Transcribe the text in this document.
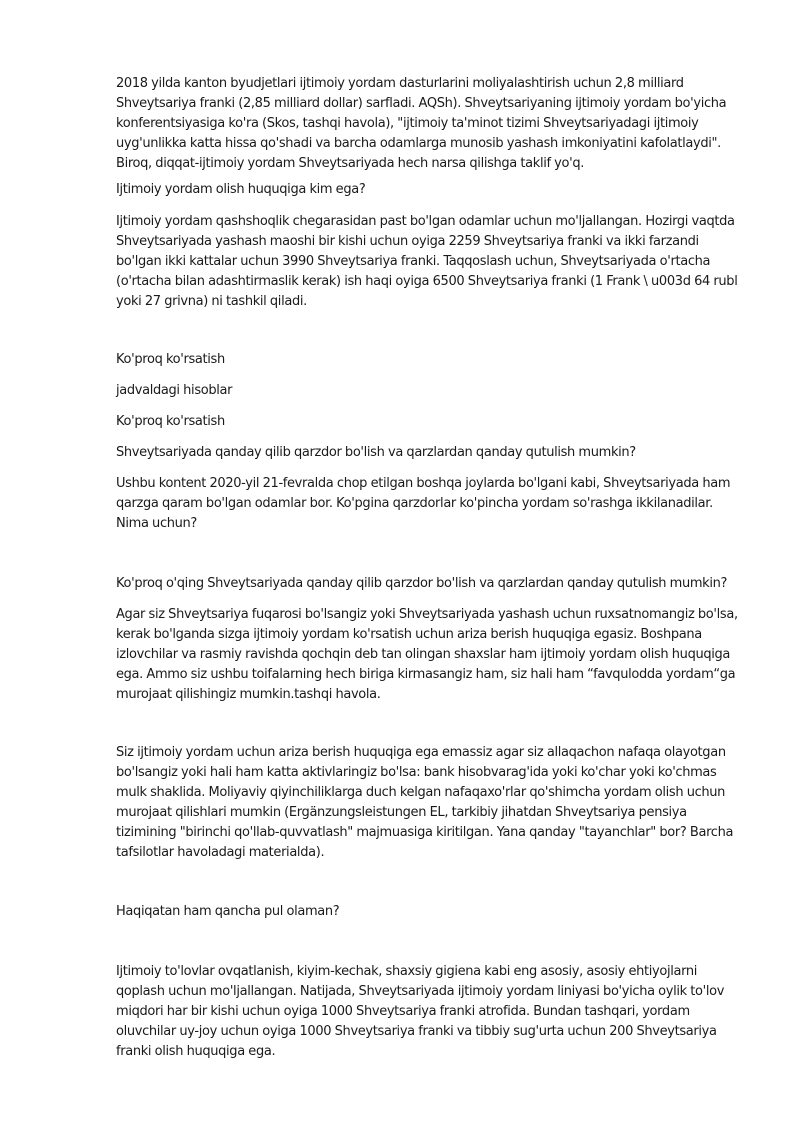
2018 yilda kanton byudjetlari ijtimoiy yordam dasturlarini moliyalashtirish uchun 2,8 milliard Shveytsariya franki (2,85 milliard dollar) sarfladi. AQSh). Shveytsariyaning ijtimoiy yordam bo'yicha konferentsiyasiga ko'ra (Skos, tashqi havola), "ijtimoiy ta'minot tizimi Shveytsariyadagi ijtimoiy uyg'unlikka katta hissa qo'shadi va barcha odamlarga munosib yashash imkoniyatini kafolatlaydi". Biroq, diqqat-ijtimoiy yordam Shveytsariyada hech narsa qilishga taklif yo'q.

Ijtimoiy yordam olish huquqiga kim ega?

Ijtimoiy yordam qashshoqlik chegarasidan past bo'lgan odamlar uchun mo'ljallangan. Hozirgi vaqtda Shveytsariyada yashash maoshi bir kishi uchun oyiga 2259 Shveytsariya franki va ikki farzandi bo'lgan ikki kattalar uchun 3990 Shveytsariya franki. Taqqoslash uchun, Shveytsariyada o'rtacha (o'rtacha bilan adashtirmaslik kerak) ish haqi oyiga 6500 Shveytsariya franki (1 Frank \ u003d 64 rubl yoki 27 grivna) ni tashkil qiladi.

Ko'proq ko'rsatish

jadvaldagi hisoblar

Ko'proq ko'rsatish

Shveytsariyada qanday qilib qarzdor bo'lish va qarzlardan qanday qutulish mumkin?

Ushbu kontent 2020-yil 21-fevralda chop etilgan boshqa joylarda bo'lgani kabi, Shveytsariyada ham qarzga qaram bo'lgan odamlar bor. Ko'pgina qarzdorlar ko'pincha yordam so'rashga ikkilanadilar. Nima uchun?

Ko'proq o'qing Shveytsariyada qanday qilib qarzdor bo'lish va qarzlardan qanday qutulish mumkin?

Agar siz Shveytsariya fuqarosi bo'lsangiz yoki Shveytsariyada yashash uchun ruxsatnomangiz bo'lsa, kerak bo'lganda sizga ijtimoiy yordam ko'rsatish uchun ariza berish huquqiga egasiz. Boshpana izlovchilar va rasmiy ravishda qochqin deb tan olingan shaxslar ham ijtimoiy yordam olish huquqiga ega. Ammo siz ushbu toifalarning hech biriga kirmasangiz ham, siz hali ham “favqulodda yordam“ga murojaat qilishingiz mumkin.tashqi havola.

Siz ijtimoiy yordam uchun ariza berish huquqiga ega emassiz agar siz allaqachon nafaqa olayotgan bo'lsangiz yoki hali ham katta aktivlaringiz bo'lsa: bank hisobvarag'ida yoki ko'char yoki ko'chmas mulk shaklida. Moliyaviy qiyinchiliklarga duch kelgan nafaqaxo'rlar qo'shimcha yordam olish uchun murojaat qilishlari mumkin (Ergänzungsleistungen EL, tarkibiy jihatdan Shveytsariya pensiya tizimining "birinchi qo'llab-quvvatlash" majmuasiga kiritilgan. Yana qanday "tayanchlar" bor? Barcha tafsilotlar havoladagi materialda).

Haqiqatan ham qancha pul olaman?

Ijtimoiy to'lovlar ovqatlanish, kiyim-kechak, shaxsiy gigiena kabi eng asosiy, asosiy ehtiyojlarni qoplash uchun mo'ljallangan. Natijada, Shveytsariyada ijtimoiy yordam liniyasi bo'yicha oylik to'lov miqdori har bir kishi uchun oyiga 1000 Shveytsariya franki atrofida. Bundan tashqari, yordam oluvchilar uy-joy uchun oyiga 1000 Shveytsariya franki va tibbiy sug'urta uchun 200 Shveytsariya franki olish huquqiga ega.
